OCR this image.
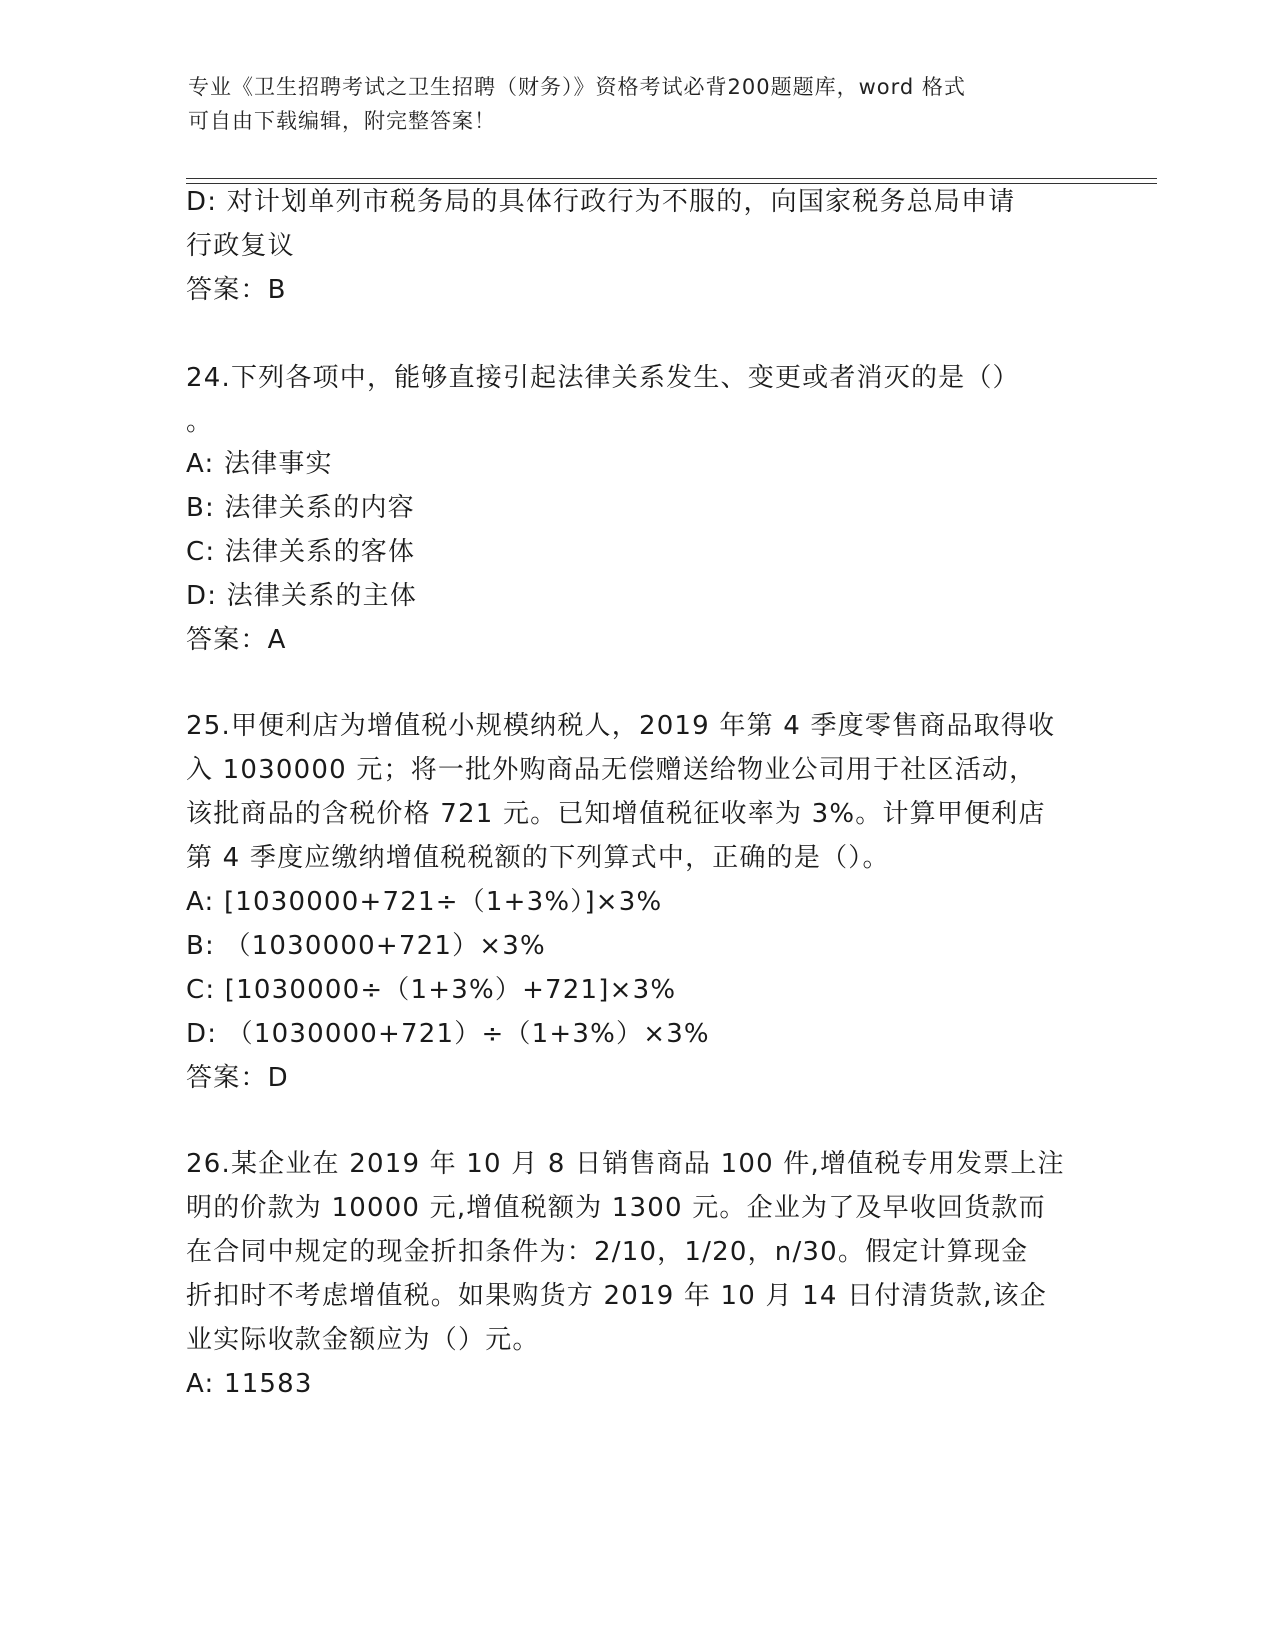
专业《卫生招聘考试之卫生招聘（财务）》资格考试必背200题题库，word 格式
可自由下载编辑，附完整答案！
D: 对计划单列市税务局的具体行政行为不服的，向国家税务总局申请
行政复议
答案：B
24.下列各项中，能够直接引起法律关系发生、变更或者消灭的是（）
。
A: 法律事实
B: 法律关系的内容
C: 法律关系的客体
D: 法律关系的主体
答案：A
25.甲便利店为增值税小规模纳税人，2019 年第 4 季度零售商品取得收
入 1030000 元；将一批外购商品无偿赠送给物业公司用于社区活动，
该批商品的含税价格 721 元。已知增值税征收率为 3%。计算甲便利店
第 4 季度应缴纳增值税税额的下列算式中，正确的是（）。
A: [1030000+721÷（1+3%）]×3%
B: （1030000+721）×3%
C: [1030000÷（1+3%）+721]×3%
D: （1030000+721）÷（1+3%）×3%
答案：D
26.某企业在 2019 年 10 月 8 日销售商品 100 件,增值税专用发票上注
明的价款为 10000 元,增值税额为 1300 元。企业为了及早收回货款而
在合同中规定的现金折扣条件为：2/10，1/20，n/30。假定计算现金
折扣时不考虑增值税。如果购货方 2019 年 10 月 14 日付清货款,该企
业实际收款金额应为（）元。
A: 11583
